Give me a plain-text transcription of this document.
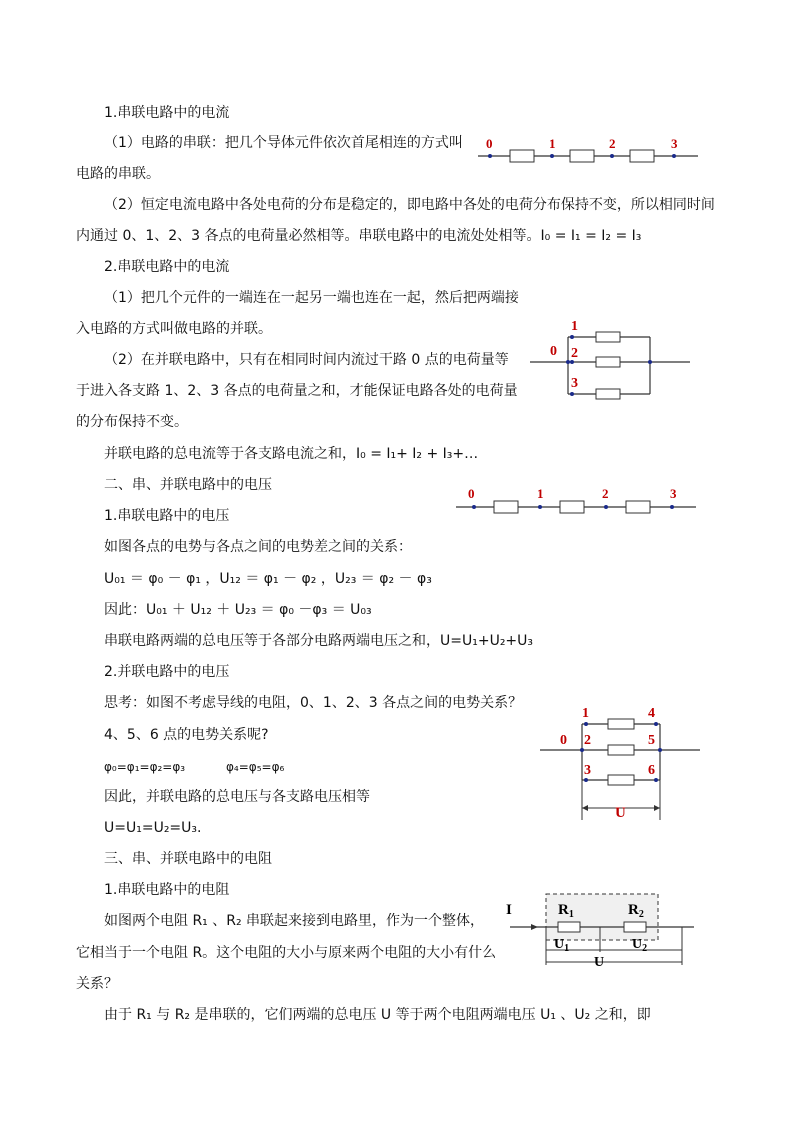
1.串联电路中的电流
（1）电路的串联：把几个导体元件依次首尾相连的方式叫
电路的串联。
（2）恒定电流电路中各处电荷的分布是稳定的，即电路中各处的电荷分布保持不变，所以相同时间
内通过 0、1、2、3 各点的电荷量必然相等。串联电路中的电流处处相等。I₀ = I₁ = I₂ = I₃
2.串联电路中的电流
（1）把几个元件的一端连在一起另一端也连在一起，然后把两端接
入电路的方式叫做电路的并联。
（2）在并联电路中，只有在相同时间内流过干路 0 点的电荷量等
于进入各支路 1、2、3 各点的电荷量之和，才能保证电路各处的电荷量
的分布保持不变。
并联电路的总电流等于各支路电流之和，I₀ = I₁+ I₂ + I₃+…
二、串、并联电路中的电压
1.串联电路中的电压
如图各点的电势与各点之间的电势差之间的关系：
U₀₁ ＝ φ₀ － φ₁ ，U₁₂ ＝ φ₁ － φ₂ ，U₂₃ ＝ φ₂ － φ₃
因此：U₀₁ ＋ U₁₂ ＋ U₂₃ ＝ φ₀ －φ₃ ＝ U₀₃
串联电路两端的总电压等于各部分电路两端电压之和，U=U₁+U₂+U₃
2.并联电路中的电压
思考：如图不考虑导线的电阻，0、1、2、3 各点之间的电势关系？
4、5、6 点的电势关系呢?
φ₀=φ₁=φ₂=φ₃	φ₄=φ₅=φ₆
因此，并联电路的总电压与各支路电压相等
U=U₁=U₂=U₃.
三、串、并联电路中的电阻
1.串联电路中的电阻
如图两个电阻 R₁ 、R₂ 串联起来接到电路里，作为一个整体，
它相当于一个电阻 R。这个电阻的大小与原来两个电阻的大小有什么
关系？
由于 R₁ 与 R₂ 是串联的，它们两端的总电压 U 等于两个电阻两端电压 U₁ 、U₂ 之和，即
0	1	2	3
0
1
2
3
0	1	2	3
0
1
2
3
4
5
6
U
I	$R_1$	$R_2$
$U_1$	$U_2$
U
